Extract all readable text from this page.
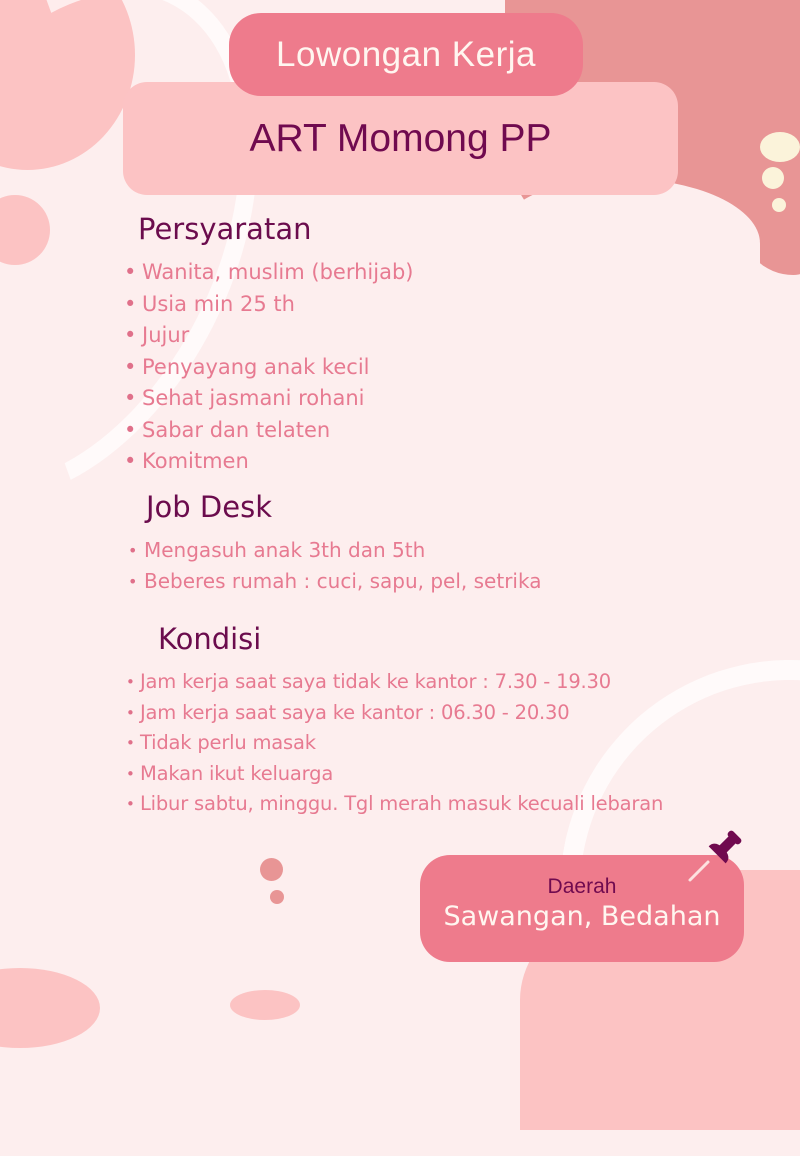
ART Momong PP
Lowongan Kerja
Persyaratan
• Wanita, muslim (berhijab)
• Usia min 25 th
• Jujur
• Penyayang anak kecil
• Sehat jasmani rohani
• Sabar dan telaten
• Komitmen
Job Desk
• Mengasuh anak 3th dan 5th
• Beberes rumah : cuci, sapu, pel, setrika
Kondisi
• Jam kerja saat saya tidak ke kantor : 7.30 - 19.30
• Jam kerja saat saya ke kantor : 06.30 - 20.30
• Tidak perlu masak
• Makan ikut keluarga
• Libur sabtu, minggu. Tgl merah masuk kecuali lebaran
Daerah
Sawangan, Bedahan
